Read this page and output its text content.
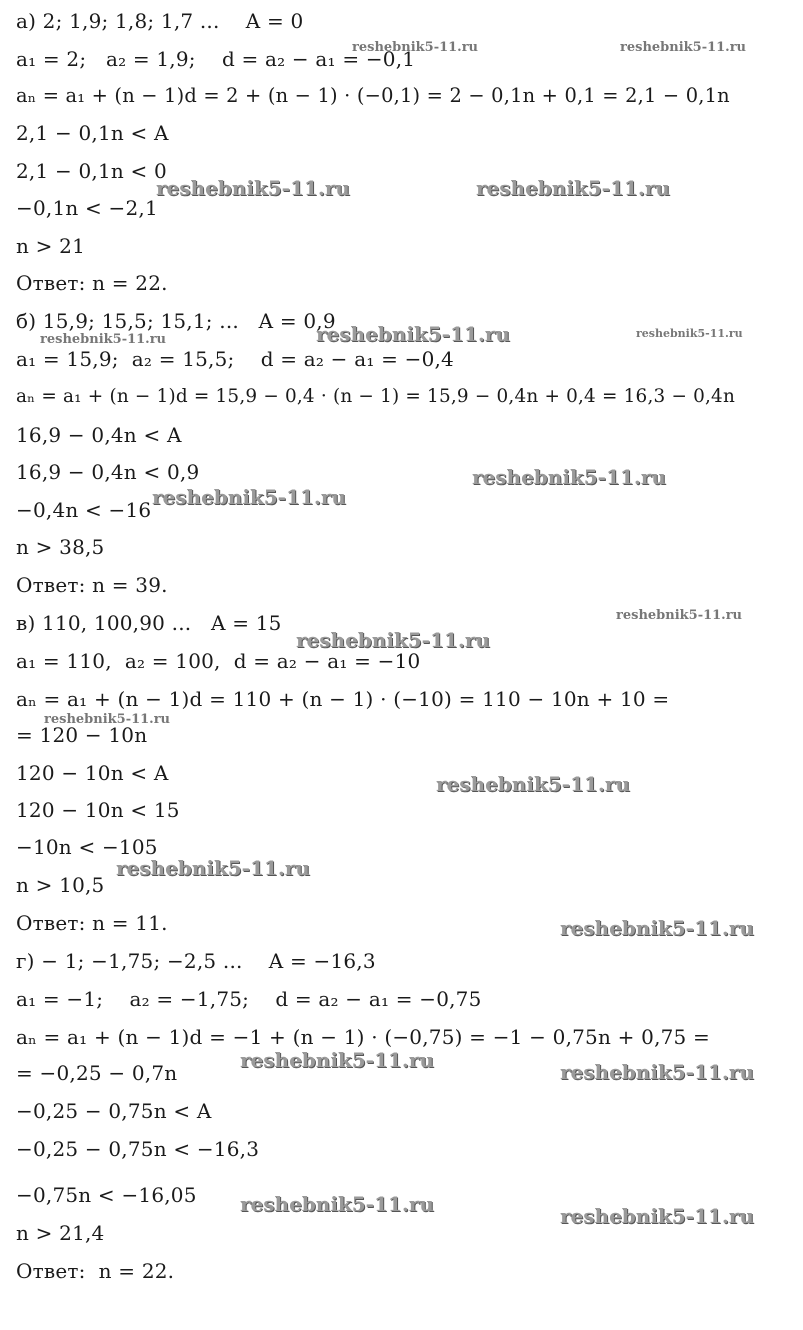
а) 2; 1,9; 1,8; 1,7 ...    A = 0
a₁ = 2;   a₂ = 1,9;    d = a₂ − a₁ = −0,1
aₙ = a₁ + (n − 1)d = 2 + (n − 1) · (−0,1) = 2 − 0,1n + 0,1 = 2,1 − 0,1n
2,1 − 0,1n < A
2,1 − 0,1n < 0
−0,1n < −2,1
n > 21
Ответ: n = 22.
б) 15,9; 15,5; 15,1; ...   A = 0,9
a₁ = 15,9;  a₂ = 15,5;    d = a₂ − a₁ = −0,4
aₙ = a₁ + (n − 1)d = 15,9 − 0,4 · (n − 1) = 15,9 − 0,4n + 0,4 = 16,3 − 0,4n
16,9 − 0,4n < A
16,9 − 0,4n < 0,9
−0,4n < −16
n > 38,5
Ответ: n = 39.
в) 110, 100,90 ...   A = 15
a₁ = 110,  a₂ = 100,  d = a₂ − a₁ = −10
aₙ = a₁ + (n − 1)d = 110 + (n − 1) · (−10) = 110 − 10n + 10 =
= 120 − 10n
120 − 10n < A
120 − 10n < 15
−10n < −105
n > 10,5
Ответ: n = 11.
г) − 1; −1,75; −2,5 ...    A = −16,3
a₁ = −1;    a₂ = −1,75;    d = a₂ − a₁ = −0,75
aₙ = a₁ + (n − 1)d = −1 + (n − 1) · (−0,75) = −1 − 0,75n + 0,75 =
= −0,25 − 0,7n
−0,25 − 0,75n < A
−0,25 − 0,75n < −16,3
−0,75n < −16,05
n > 21,4
Ответ:  n = 22.
reshebnik5-11.ru	reshebnik5-11.ru
reshebnik5-11.ru	reshebnik5-11.ru
reshebnik5-11.ru	reshebnik5-11.ru	reshebnik5-11.ru
reshebnik5-11.ru
reshebnik5-11.ru
reshebnik5-11.ru
reshebnik5-11.ru
reshebnik5-11.ru
reshebnik5-11.ru
reshebnik5-11.ru
reshebnik5-11.ru
reshebnik5-11.ru	reshebnik5-11.ru
reshebnik5-11.ru	reshebnik5-11.ru
